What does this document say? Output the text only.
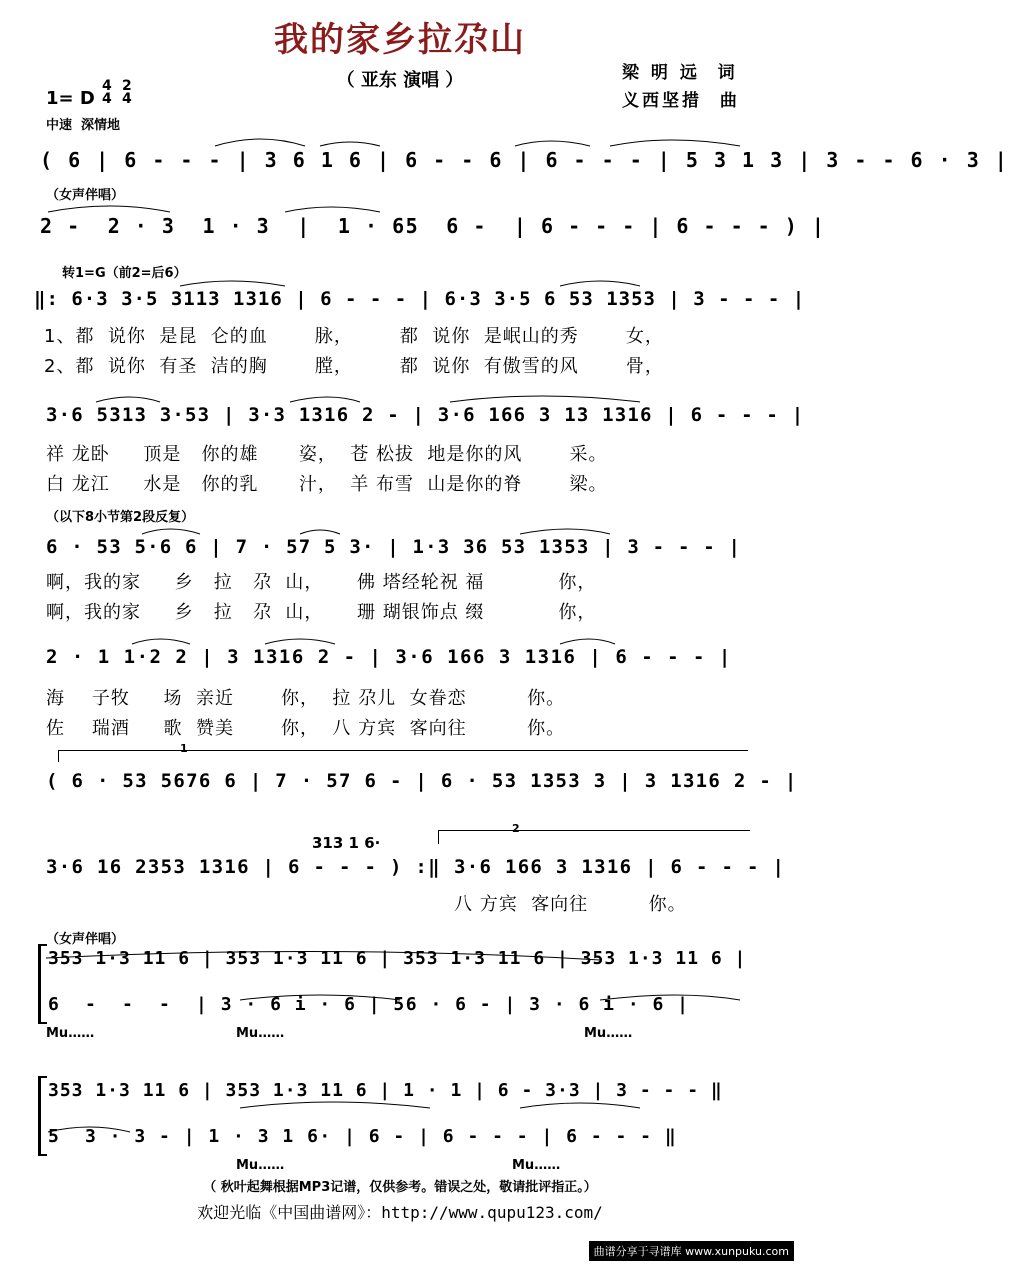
我的家乡拉尕山
（ 亚东 演唱 ）	梁 明 远  词
义西坚措  曲
1= D
4 4
2 4
中速  深情地
( 6 | 6 - - - | 3 6 1 6 | 6 - - 6 | 6 - - - | 5 3 1 3 | 3 - - 6 · 3 |
（女声伴唱）
2 -  2 · 3  1 · 3  |  1 · 65  6 -  | 6 - - - | 6 - - - ) |
转1=G（前2=后6）
‖: 6·3 3·5 3113 1316 | 6 - - - | 6·3 3·5 6 53 1353 | 3 - - - |
1、都  说你  是昆  仑的血       脉，       都  说你  是岷山的秀       女，
2、都  说你  有圣  洁的胸       膛，       都  说你  有傲雪的风       骨，
3·6 5313 3·53 | 3·3 1316 2 - | 3·6 166 3 13 1316 | 6 - - - |
祥 龙卧     顶是   你的雄      姿，  苍 松拔  地是你的风       采。
白 龙江     水是   你的乳      汁，  羊 布雪  山是你的脊       梁。
（以下8小节第2段反复）
6 · 53 5·6 6 | 7 · 57 5 3· | 1·3 36 53 1353 | 3 - - - |
啊，我的家     乡   拉   尕  山，     佛 塔经轮祝 福           你，
啊，我的家     乡   拉   尕  山，     珊 瑚银饰点 缀           你，
2 · 1 1·2 2 | 3 1316 2 - | 3·6 166 3 1316 | 6 - - - |
海    子牧     场  亲近       你，  拉 尕儿  女眷恋         你。
佐    瑞酒     歌  赞美       你，  八 方宾  客向往         你。
1
( 6 · 53 5676 6 | 7 · 57 6 - | 6 · 53 1353 3 | 3 1316 2 - |
313 1 6·
3·6 16 2353 1316 | 6 - - - ) :‖
2
3·6 166 3 1316 | 6 - - - |
八 方宾  客向往         你。
（女声伴唱）
353 1·3 11 6 | 353 1·3 11 6 | 353 1·3 11 6 | 353 1·3 11 6 |
6  -  -  -  | 3 · 6 i · 6 | 56 · 6 - | 3 · 6 i · 6 |
Mu……	Mu……	Mu……
353 1·3 11 6 | 353 1·3 11 6 | 1 · 1 | 6 - 3·3 | 3 - - - ‖
5  3 · 3 - | 1 · 3 1 6· | 6 - | 6 - - - | 6 - - - ‖
Mu……	Mu……
（ 秋叶起舞根据MP3记谱，仅供参考。错误之处，敬请批评指正。）
欢迎光临《中国曲谱网》：http://www.qupu123.com/
曲谱分享于寻谱库 www.xunpuku.com
